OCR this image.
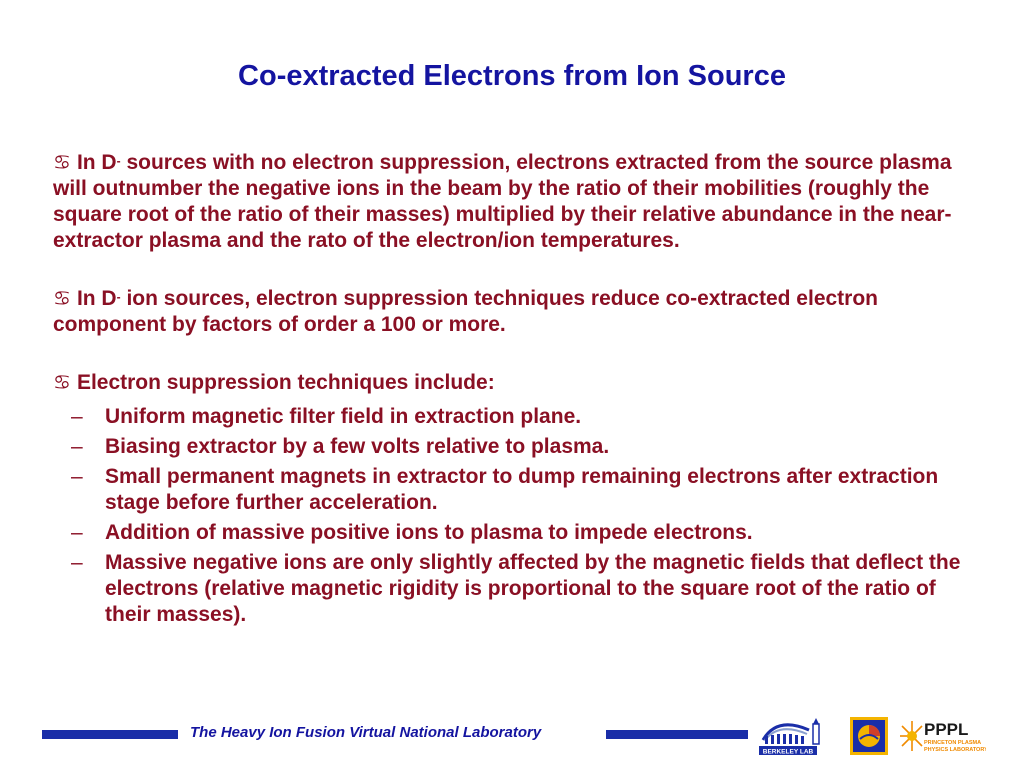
Co-extracted Electrons from Ion Source

♋ In D- sources with no electron suppression, electrons extracted from the source plasma will outnumber the negative ions in the beam by the ratio of their mobilities (roughly the square root of the ratio of their masses) multiplied by their relative abundance in the near-extractor plasma and the rato of the electron/ion temperatures.

♋ In D- ion sources, electron suppression techniques reduce co-extracted electron component by factors of order a 100 or more.

♋ Electron suppression techniques include:
– Uniform magnetic filter field in extraction plane.
– Biasing extractor by a few volts relative to plasma.
– Small permanent magnets in extractor to dump remaining electrons after extraction stage before further acceleration.
– Addition of massive positive ions to plasma to impede electrons.
– Massive negative ions are only slightly affected by the magnetic fields that deflect the electrons (relative magnetic rigidity is proportional to the square root of the ratio of their masses).
The Heavy Ion Fusion Virtual National Laboratory
BERKELEY LAB
PPPL
PRINCETON PLASMA
PHYSICS LABORATORY
